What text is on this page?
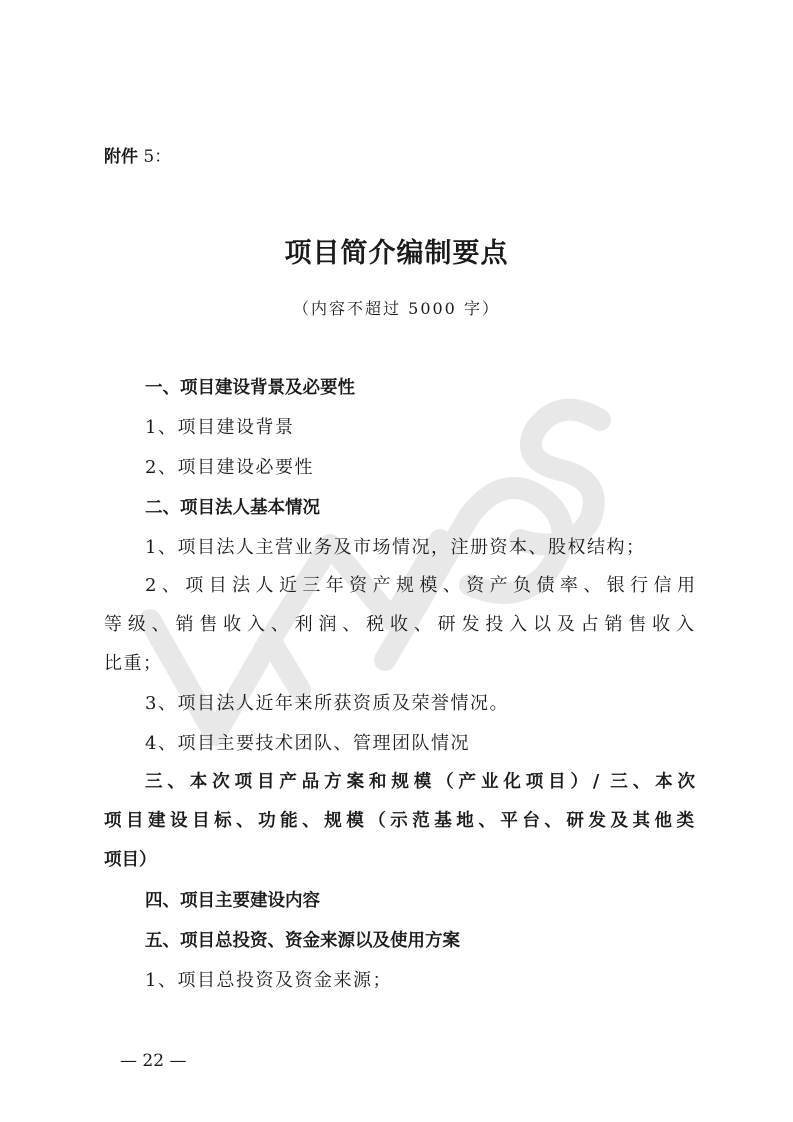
附件 5：
项目简介编制要点
（内容不超过 5000 字）
一、项目建设背景及必要性
1、项目建设背景
2、项目建设必要性
二、项目法人基本情况
1、项目法人主营业务及市场情况，注册资本、股权结构；
2、项目法人近三年资产规模、资产负债率、银行信用
等级、销售收入、利润、税收、研发投入以及占销售收入
比重；
3、项目法人近年来所获资质及荣誉情况。
4、项目主要技术团队、管理团队情况
三、本次项目产品方案和规模（产业化项目）/ 三、本次
项目建设目标、功能、规模（示范基地、平台、研发及其他类
项目）
四、项目主要建设内容
五、项目总投资、资金来源以及使用方案
1、项目总投资及资金来源；
— 22 —
